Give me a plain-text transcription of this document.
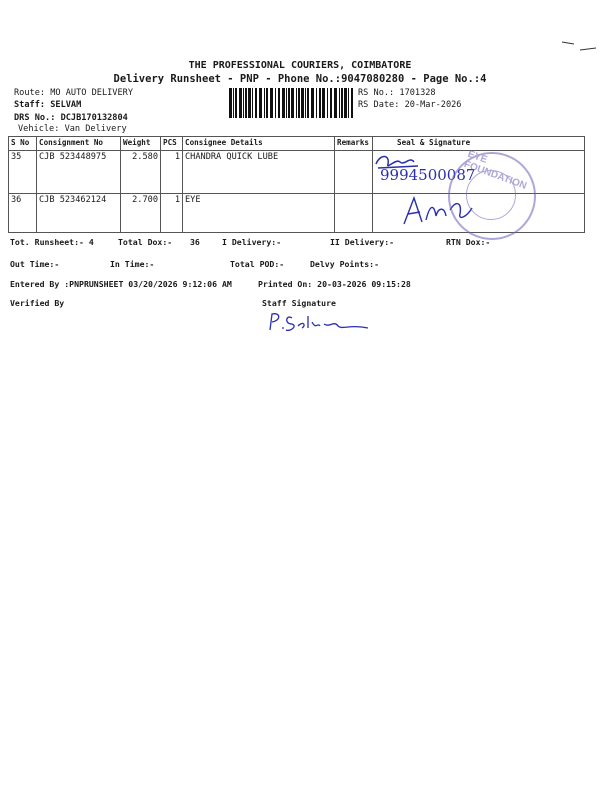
THE PROFESSIONAL COURIERS, COIMBATORE
Delivery Runsheet - PNP - Phone No.:9047080280 - Page No.:4
Route: MO AUTO DELIVERY
Staff: SELVAM
DRS No.: DCJB170132804
Vehicle: Van Delivery
RS No.: 1701328
RS Date: 20-Mar-2026
S No	Consignment No	Weight	PCS	Consignee Details	Remarks	Seal & Signature
35	CJB 523448975	2.580	1	CHANDRA QUICK LUBE		
36	CJB 523462124	2.700	1	EYE		
9994500087
EYE FOUNDATION
Tot. Runsheet:- 4	Total Dox:- 36	I Delivery:-	II Delivery:-	RTN Dox:-
Out Time:-	In Time:-	Total POD:-	Delvy Points:-
Entered By :PNPRUNSHEET 03/20/2026 9:12:06 AM	Printed On: 20-03-2026 09:15:28
Verified By	Staff Signature
